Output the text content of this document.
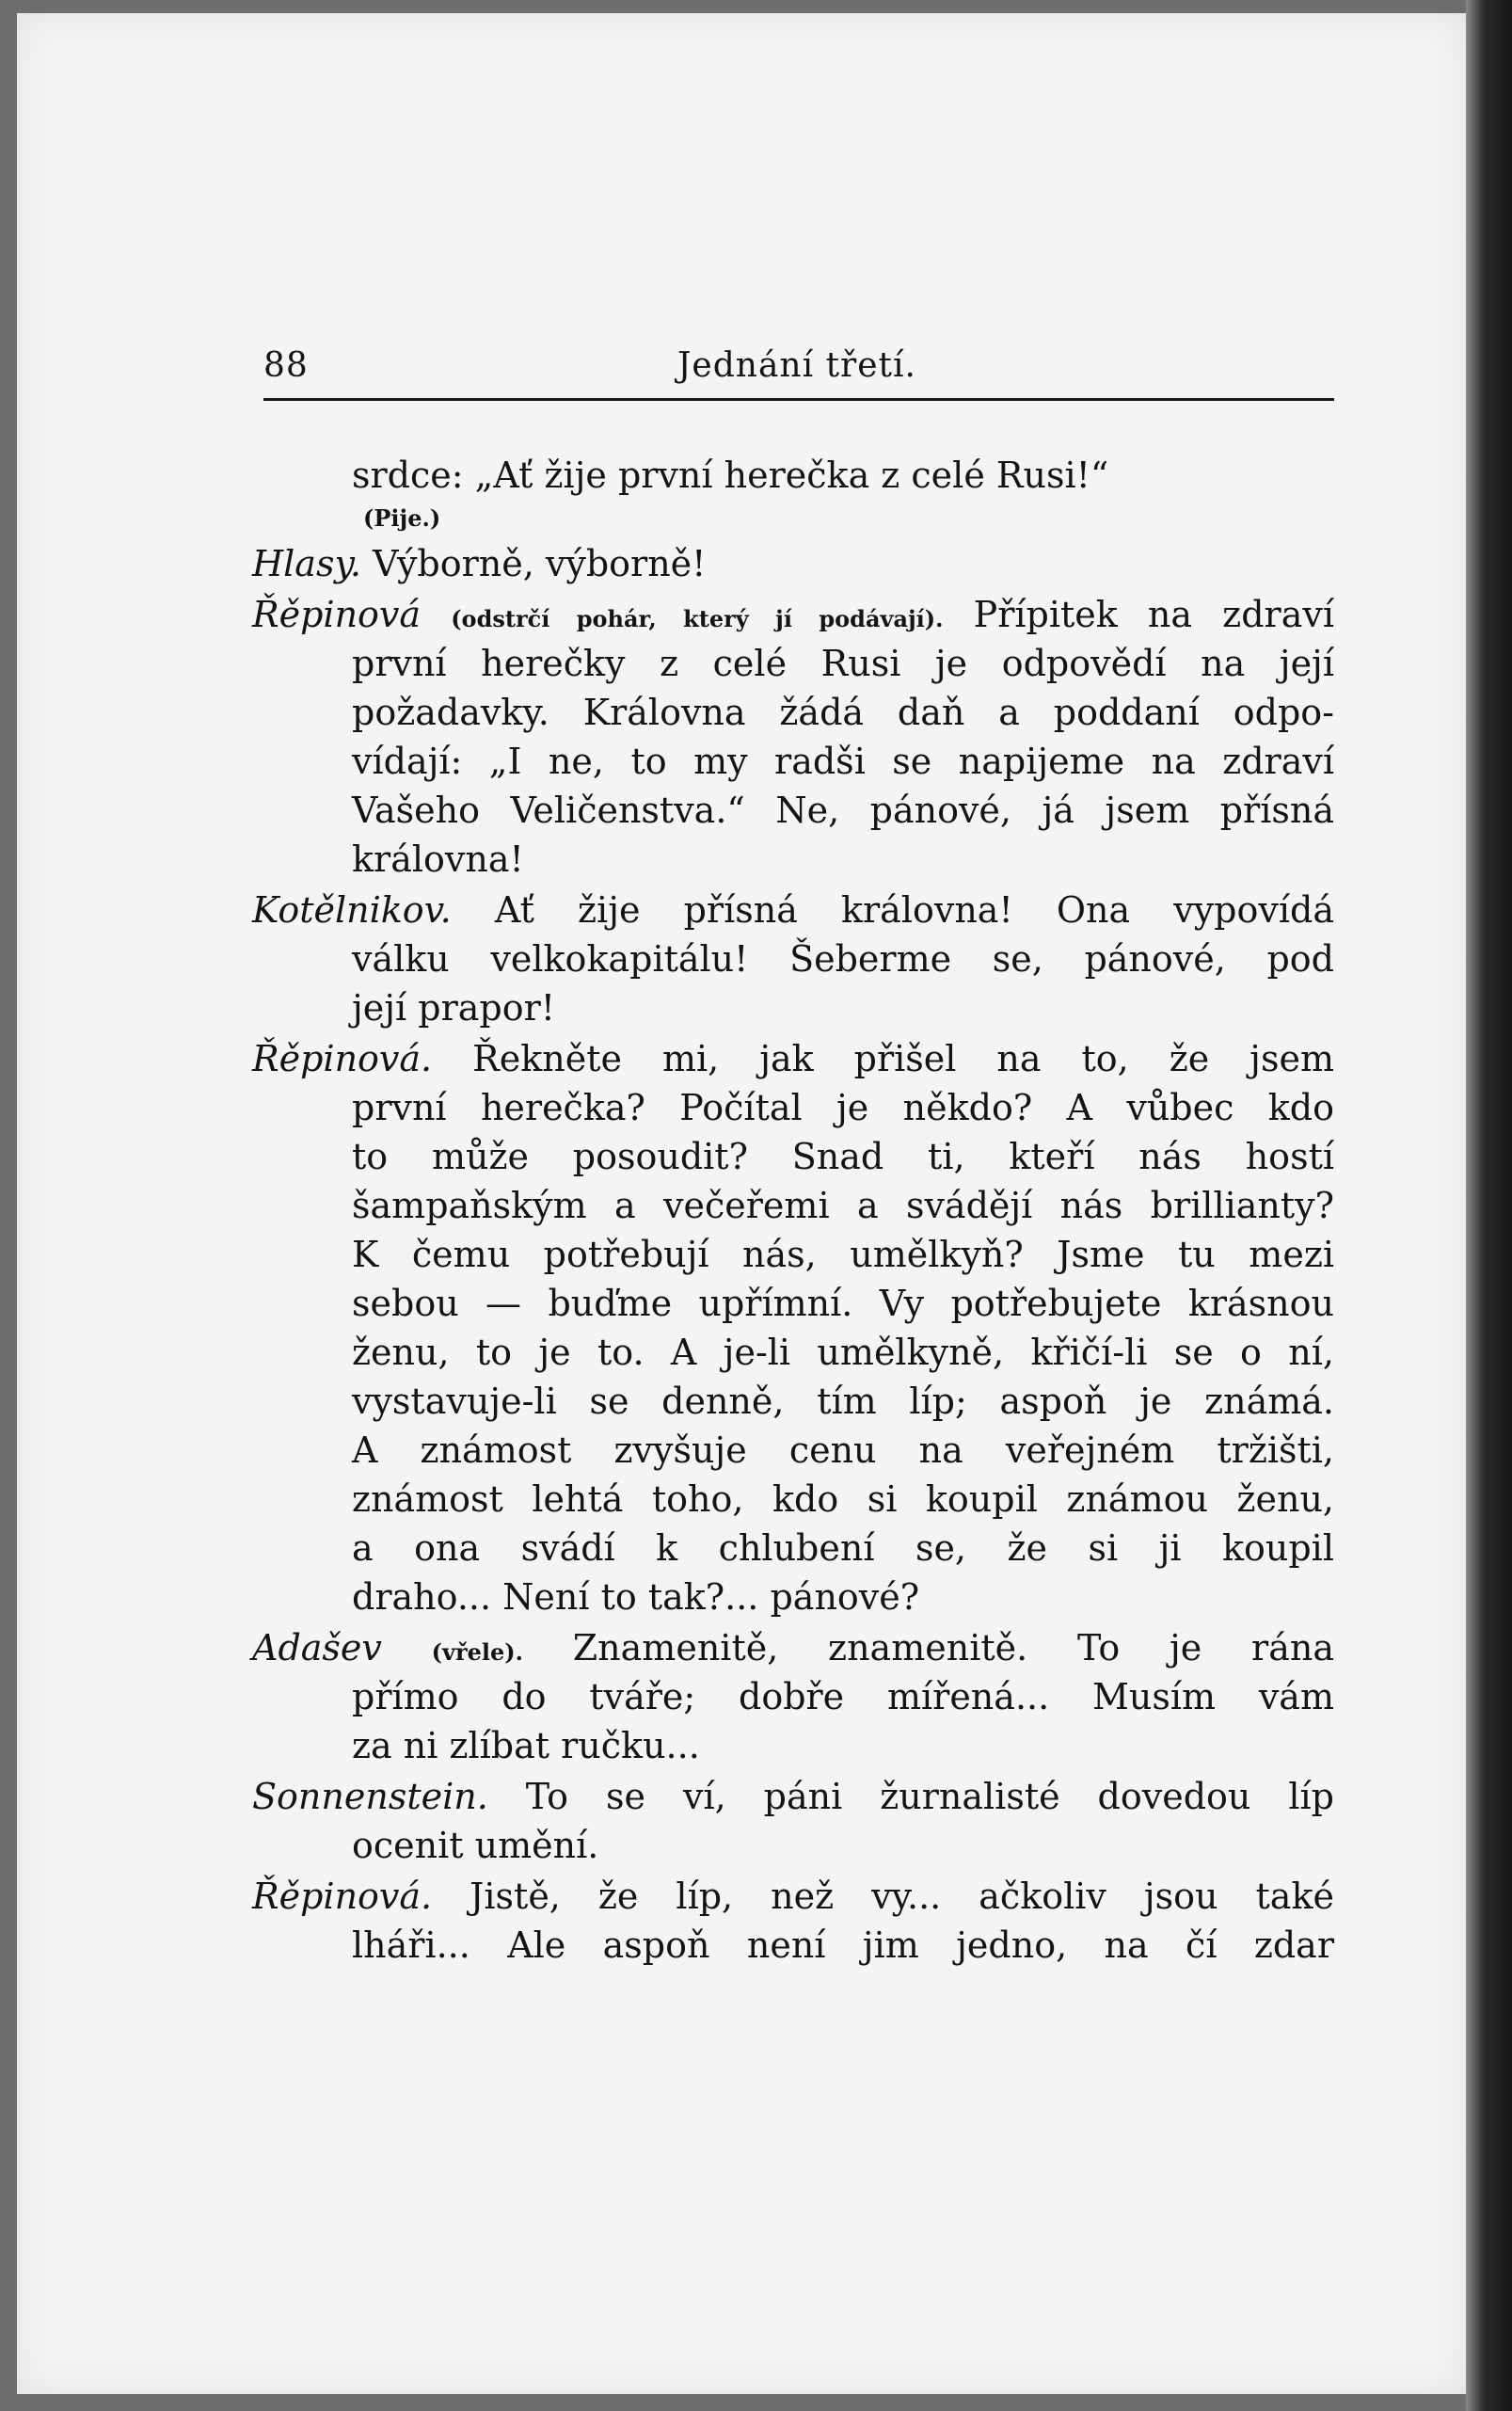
88	Jednání třetí.
srdce: „Ať žije první herečka z celé Rusi!“
(Pije.)
Hlasy. Výborně, výborně!
Řěpinová (odstrčí pohár, který jí podávají). Přípitek na zdraví
první herečky z celé Rusi je odpovědí na její
požadavky. Královna žádá daň a poddaní odpo-
vídají: „I ne, to my radši se napijeme na zdraví
Vašeho Veličenstva.“ Ne, pánové, já jsem přísná
královna!
Kotělnikov. Ať žije přísná královna! Ona vypovídá
válku velkokapitálu! Šeberme se, pánové, pod
její prapor!
Řěpinová. Řekněte mi, jak přišel na to, že jsem
první herečka? Počítal je někdo? A vůbec kdo
to může posoudit? Snad ti, kteří nás hostí
šampaňským a večeřemi a svádějí nás brillianty?
K čemu potřebují nás, umělkyň? Jsme tu mezi
sebou — buďme upřímní. Vy potřebujete krásnou
ženu, to je to. A je-li umělkyně, křičí-li se o ní,
vystavuje-li se denně, tím líp; aspoň je známá.
A známost zvyšuje cenu na veřejném tržišti,
známost lehtá toho, kdo si koupil známou ženu,
a ona svádí k chlubení se, že si ji koupil
draho... Není to tak?... pánové?
Adašev (vřele). Znamenitě, znamenitě. To je rána
přímo do tváře; dobře mířená... Musím vám
za ni zlíbat ručku...
Sonnenstein. To se ví, páni žurnalisté dovedou líp
ocenit umění.
Řěpinová. Jistě, že líp, než vy... ačkoliv jsou také
lháři... Ale aspoň není jim jedno, na čí zdar
